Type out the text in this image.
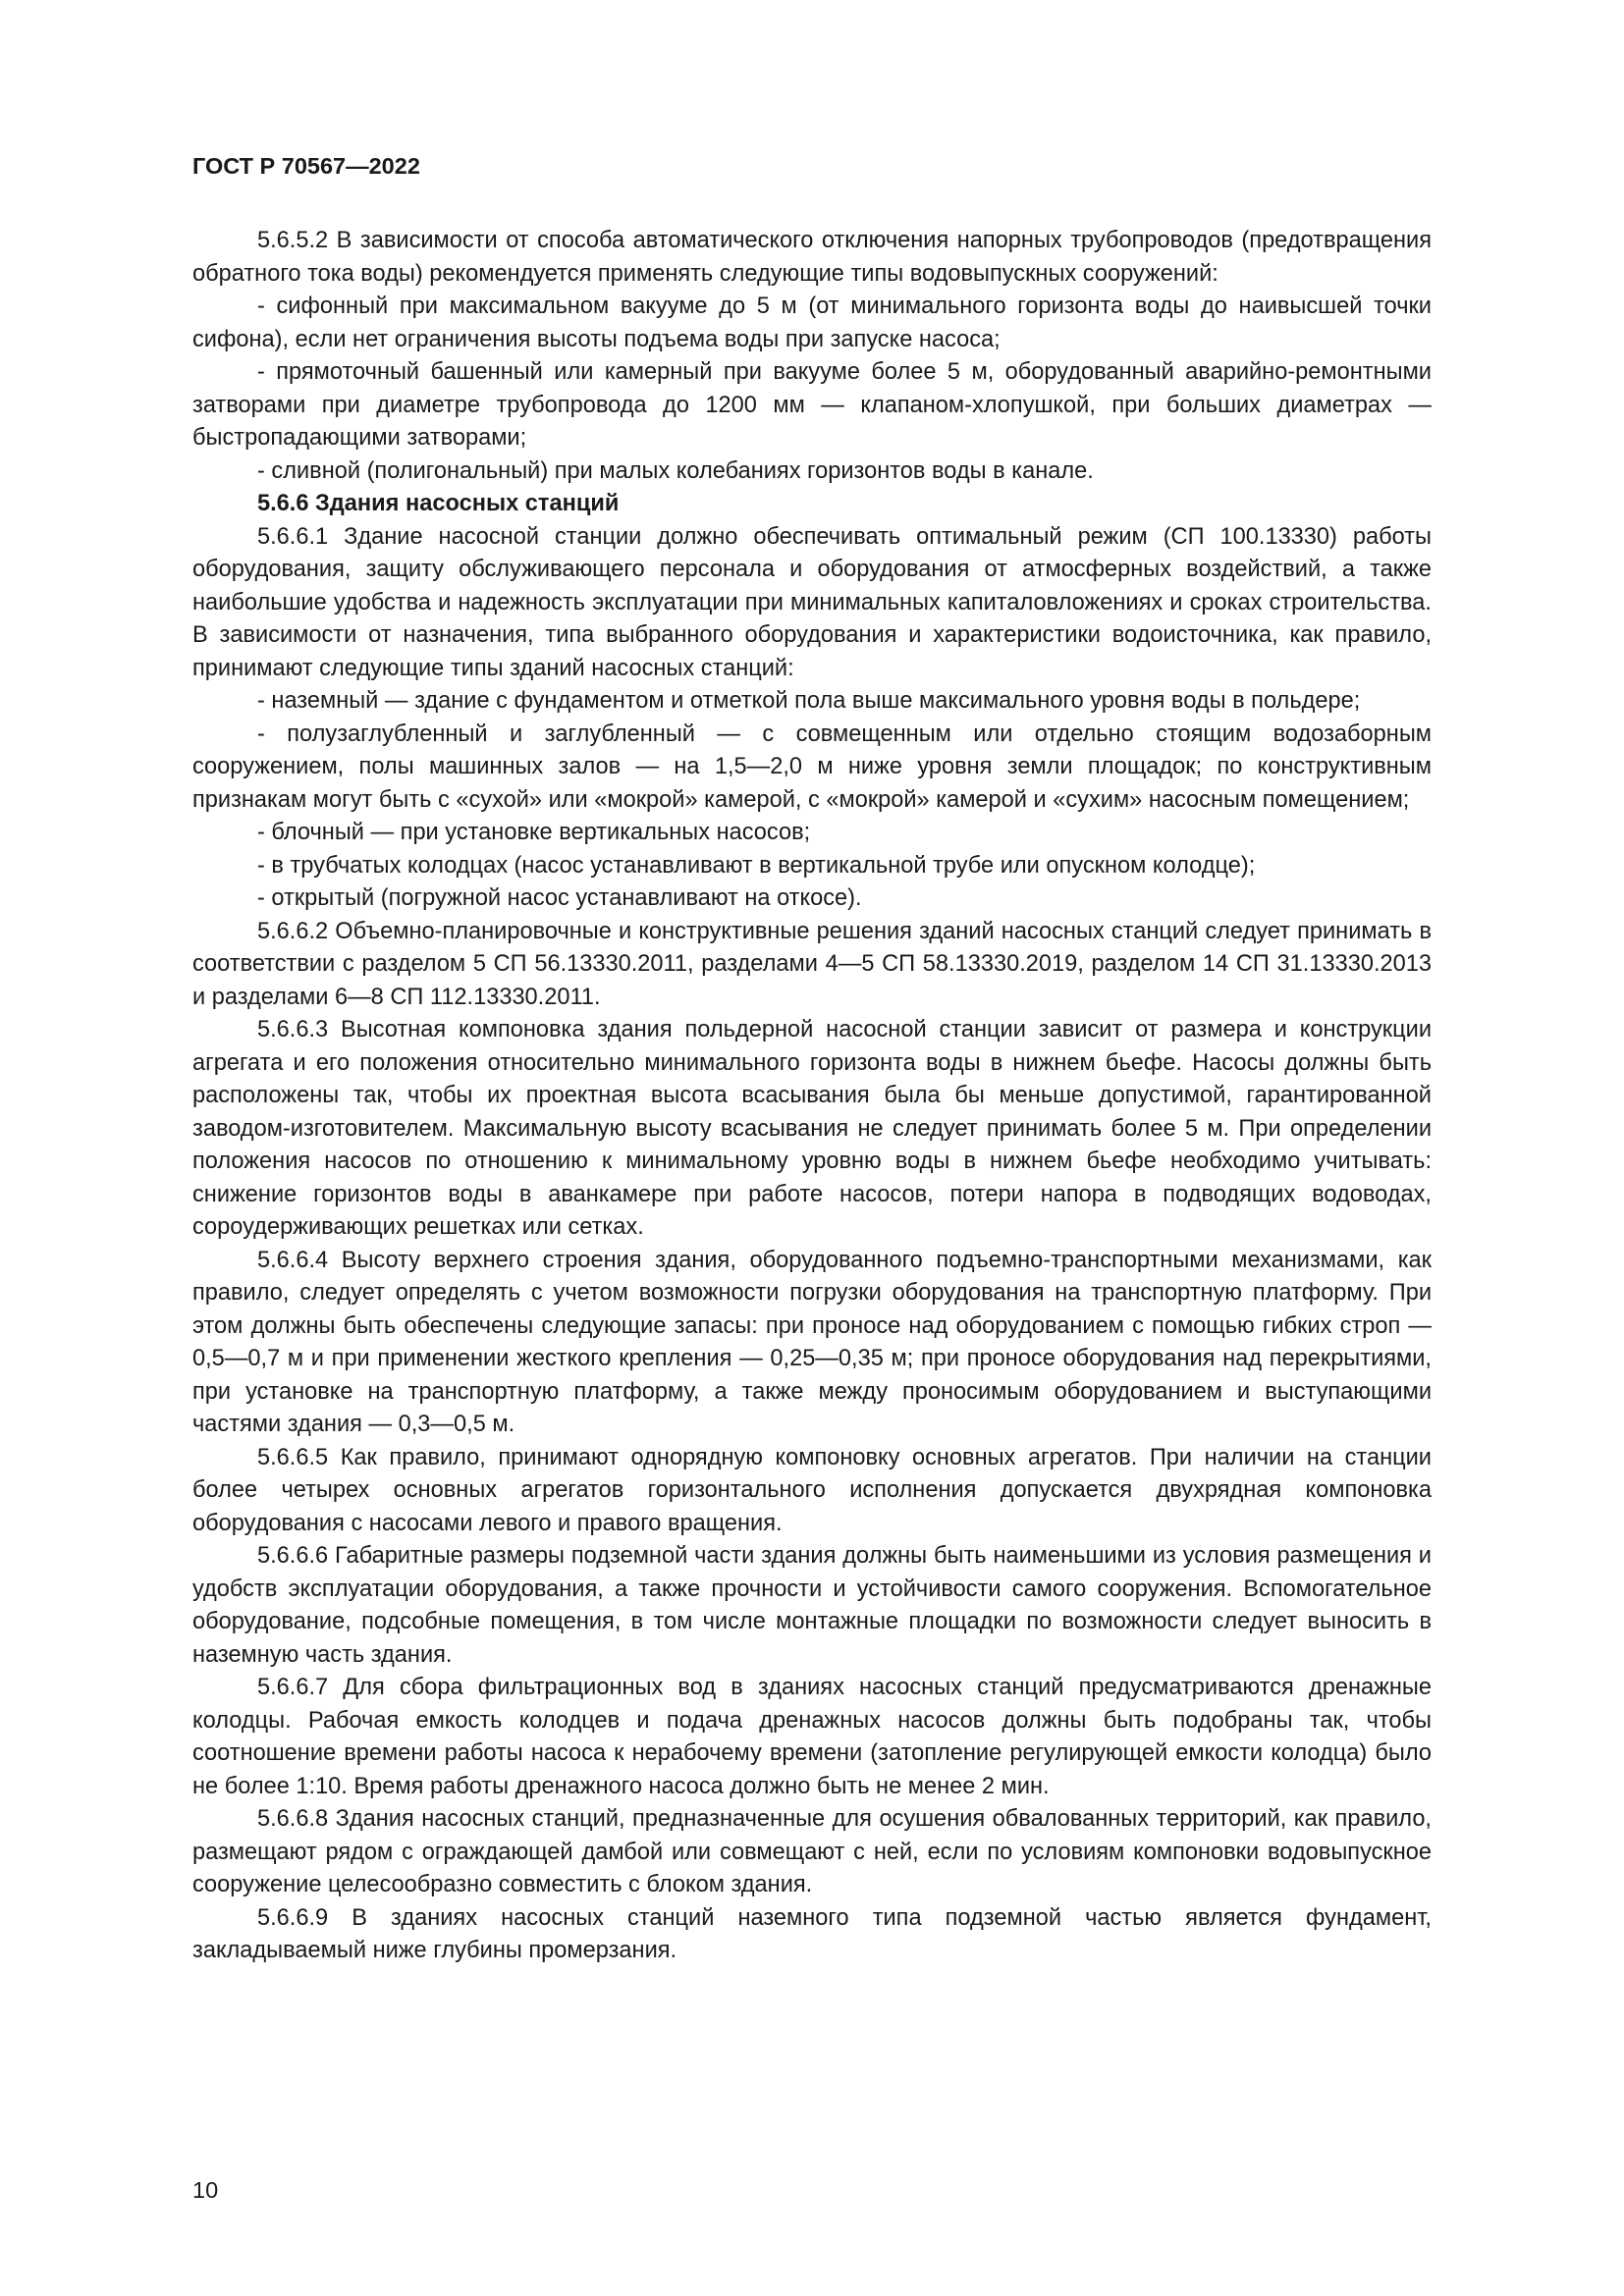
ГОСТ Р 70567—2022

5.6.5.2 В зависимости от способа автоматического отключения напорных трубопроводов (предотвращения обратного тока воды) рекомендуется применять следующие типы водовыпускных сооружений:

- сифонный при максимальном вакууме до 5 м (от минимального горизонта воды до наивысшей точки сифона), если нет ограничения высоты подъема воды при запуске насоса;

- прямоточный башенный или камерный при вакууме более 5 м, оборудованный аварийно-ремонтными затворами при диаметре трубопровода до 1200 мм — клапаном-хлопушкой, при больших диаметрах — быстропадающими затворами;

- сливной (полигональный) при малых колебаниях горизонтов воды в канале.

5.6.6 Здания насосных станций

5.6.6.1 Здание насосной станции должно обеспечивать оптимальный режим (СП 100.13330) работы оборудования, защиту обслуживающего персонала и оборудования от атмосферных воздействий, а также наибольшие удобства и надежность эксплуатации при минимальных капиталовложениях и сроках строительства. В зависимости от назначения, типа выбранного оборудования и характеристики водоисточника, как правило, принимают следующие типы зданий насосных станций:

- наземный — здание с фундаментом и отметкой пола выше максимального уровня воды в польдере;

- полузаглубленный и заглубленный — с совмещенным или отдельно стоящим водозаборным сооружением, полы машинных залов — на 1,5—2,0 м ниже уровня земли площадок; по конструктивным признакам могут быть с «сухой» или «мокрой» камерой, с «мокрой» камерой и «сухим» насосным помещением;

- блочный — при установке вертикальных насосов;

- в трубчатых колодцах (насос устанавливают в вертикальной трубе или опускном колодце);

- открытый (погружной насос устанавливают на откосе).

5.6.6.2 Объемно-планировочные и конструктивные решения зданий насосных станций следует принимать в соответствии с разделом 5 СП 56.13330.2011, разделами 4—5 СП 58.13330.2019, разделом 14 СП 31.13330.2013 и разделами 6—8 СП 112.13330.2011.

5.6.6.3 Высотная компоновка здания польдерной насосной станции зависит от размера и конструкции агрегата и его положения относительно минимального горизонта воды в нижнем бьефе. Насосы должны быть расположены так, чтобы их проектная высота всасывания была бы меньше допустимой, гарантированной заводом-изготовителем. Максимальную высоту всасывания не следует принимать более 5 м. При определении положения насосов по отношению к минимальному уровню воды в нижнем бьефе необходимо учитывать: снижение горизонтов воды в аванкамере при работе насосов, потери напора в подводящих водоводах, сороудерживающих решетках или сетках.

5.6.6.4 Высоту верхнего строения здания, оборудованного подъемно-транспортными механизмами, как правило, следует определять с учетом возможности погрузки оборудования на транспортную платформу. При этом должны быть обеспечены следующие запасы: при проносе над оборудованием с помощью гибких строп — 0,5—0,7 м и при применении жесткого крепления — 0,25—0,35 м; при проносе оборудования над перекрытиями, при установке на транспортную платформу, а также между проносимым оборудованием и выступающими частями здания — 0,3—0,5 м.

5.6.6.5 Как правило, принимают однорядную компоновку основных агрегатов. При наличии на станции более четырех основных агрегатов горизонтального исполнения допускается двухрядная компоновка оборудования с насосами левого и правого вращения.

5.6.6.6 Габаритные размеры подземной части здания должны быть наименьшими из условия размещения и удобств эксплуатации оборудования, а также прочности и устойчивости самого сооружения. Вспомогательное оборудование, подсобные помещения, в том числе монтажные площадки по возможности следует выносить в наземную часть здания.

5.6.6.7 Для сбора фильтрационных вод в зданиях насосных станций предусматриваются дренажные колодцы. Рабочая емкость колодцев и подача дренажных насосов должны быть подобраны так, чтобы соотношение времени работы насоса к нерабочему времени (затопление регулирующей емкости колодца) было не более 1:10. Время работы дренажного насоса должно быть не менее 2 мин.

5.6.6.8 Здания насосных станций, предназначенные для осушения обвалованных территорий, как правило, размещают рядом с ограждающей дамбой или совмещают с ней, если по условиям компоновки водовыпускное сооружение целесообразно совместить с блоком здания.

5.6.6.9 В зданиях насосных станций наземного типа подземной частью является фундамент, закладываемый ниже глубины промерзания.

10
